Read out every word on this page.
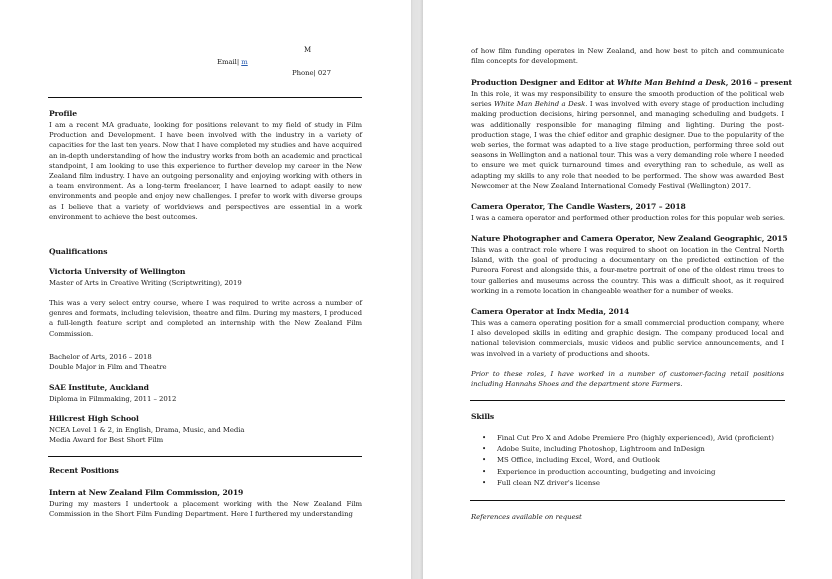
M
Email| m
Phone| 027
Profile

I am a recent MA graduate, looking for positions relevant to my field of study in Film Production and Development. I have been involved with the industry in a variety of capacities for the last ten years. Now that I have completed my studies and have acquired an in-depth understanding of how the industry works from both an academic and practical standpoint, I am looking to use this experience to further develop my career in the New Zealand film industry. I have an outgoing personality and enjoying working with others in a team environment. As a long-term freelancer, I have learned to adapt easily to new environments and people and enjoy new challenges. I prefer to work with diverse groups as I believe that a variety of worldviews and perspectives are essential in a work environment to achieve the best outcomes.

Qualifications
Victoria University of Wellington
Master of Arts in Creative Writing (Scriptwriting), 2019

This was a very select entry course, where I was required to write across a number of genres and formats, including television, theatre and film. During my masters, I produced a full-length feature script and completed an internship with the New Zealand Film Commission.

Bachelor of Arts, 2016 – 2018
Double Major in Film and Theatre
SAE Institute, Auckland
Diploma in Filmmaking, 2011 – 2012
Hillcrest High School
NCEA Level 1 & 2, in English, Drama, Music, and Media
Media Award for Best Short Film
Recent Positions
Intern at New Zealand Film Commission, 2019

During my masters I undertook a placement working with the New Zealand Film Commission in the Short Film Funding Department. Here I furthered my understanding

of how film funding operates in New Zealand, and how best to pitch and communicate film concepts for development.

Production Designer and Editor at White Man Behind a Desk, 2016 – present

In this role, it was my responsibility to ensure the smooth production of the political web series White Man Behind a Desk. I was involved with every stage of production including making production decisions, hiring personnel, and managing scheduling and budgets. I was additionally responsible for managing filming and lighting. During the post-production stage, I was the chief editor and graphic designer. Due to the popularity of the web series, the format was adapted to a live stage production, performing three sold out seasons in Wellington and a national tour. This was a very demanding role where I needed to ensure we met quick turnaround times and everything ran to schedule, as well as adapting my skills to any role that needed to be performed. The show was awarded Best Newcomer at the New Zealand International Comedy Festival (Wellington) 2017.

Camera Operator, The Candle Wasters, 2017 – 2018

I was a camera operator and performed other production roles for this popular web series.

Nature Photographer and Camera Operator, New Zealand Geographic, 2015

This was a contract role where I was required to shoot on location in the Central North Island, with the goal of producing a documentary on the predicted extinction of the Pureora Forest and alongside this, a four-metre portrait of one of the oldest rimu trees to tour galleries and museums across the country. This was a difficult shoot, as it required working in a remote location in changeable weather for a number of weeks.

Camera Operator at Indx Media, 2014

This was a camera operating position for a small commercial production company, where I also developed skills in editing and graphic design. The company produced local and national television commercials, music videos and public service announcements, and I was involved in a variety of productions and shoots.

Prior to these roles, I have worked in a number of customer-facing retail positions including Hannahs Shoes and the department store Farmers.

Skills
• Final Cut Pro X and Adobe Premiere Pro (highly experienced), Avid (proficient)
• Adobe Suite, including Photoshop, Lightroom and InDesign
• MS Office, including Excel, Word, and Outlook
• Experience in production accounting, budgeting and invoicing
• Full clean NZ driver's license
References available on request
